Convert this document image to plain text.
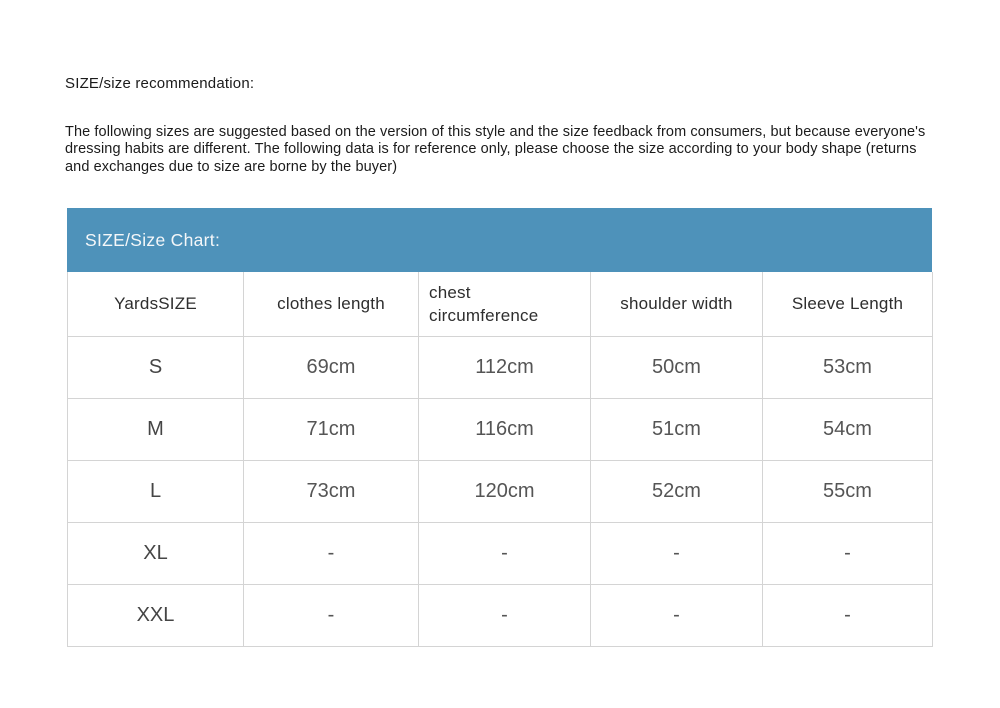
SIZE/size recommendation:
The following sizes are suggested based on the version of this style and the size feedback from consumers, but because everyone's dressing habits are different. The following data is for reference only, please choose the size according to your body shape (returns and exchanges due to size are borne by the buyer)
SIZE/Size Chart:
YardsSIZE	clothes length	chest circumference	shoulder width	Sleeve Length
S	69cm	112cm	50cm	53cm
M	71cm	116cm	51cm	54cm
L	73cm	120cm	52cm	55cm
XL	-	-	-	-
XXL	-	-	-	-
